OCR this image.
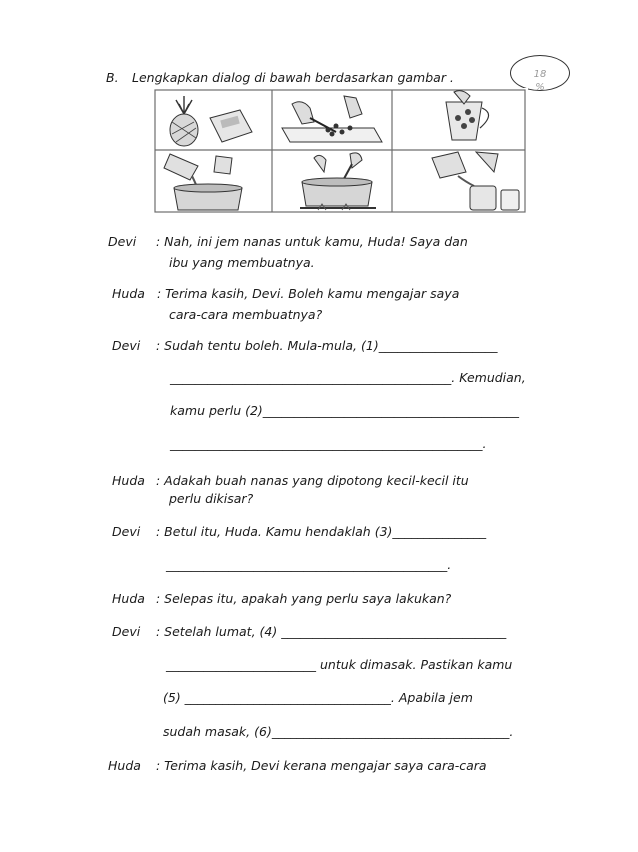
B. Lengkapkan dialog di bawah berdasarkan gambar .	18 %
Devi : Nah, ini jem nanas untuk kamu, Huda! Saya dan
ibu yang membuatnya.
Huda : Terima kasih, Devi. Boleh kamu mengajar saya
cara-cara membuatnya?
Devi : Sudah tentu boleh. Mula-mula, (1)___________________
_____________________________________________. Kemudian,
kamu perlu (2)_________________________________________
__________________________________________________.
Huda : Adakah buah nanas yang dipotong kecil-kecil itu
perlu dikisar?
Devi : Betul itu, Huda. Kamu hendaklah (3)_______________
_____________________________________________.
Huda : Selepas itu, apakah yang perlu saya lakukan?
Devi : Setelah lumat, (4) ____________________________________
________________________ untuk dimasak. Pastikan kamu
(5) _________________________________. Apabila jem
sudah masak, (6)______________________________________.
Huda : Terima kasih, Devi kerana mengajar saya cara-cara
